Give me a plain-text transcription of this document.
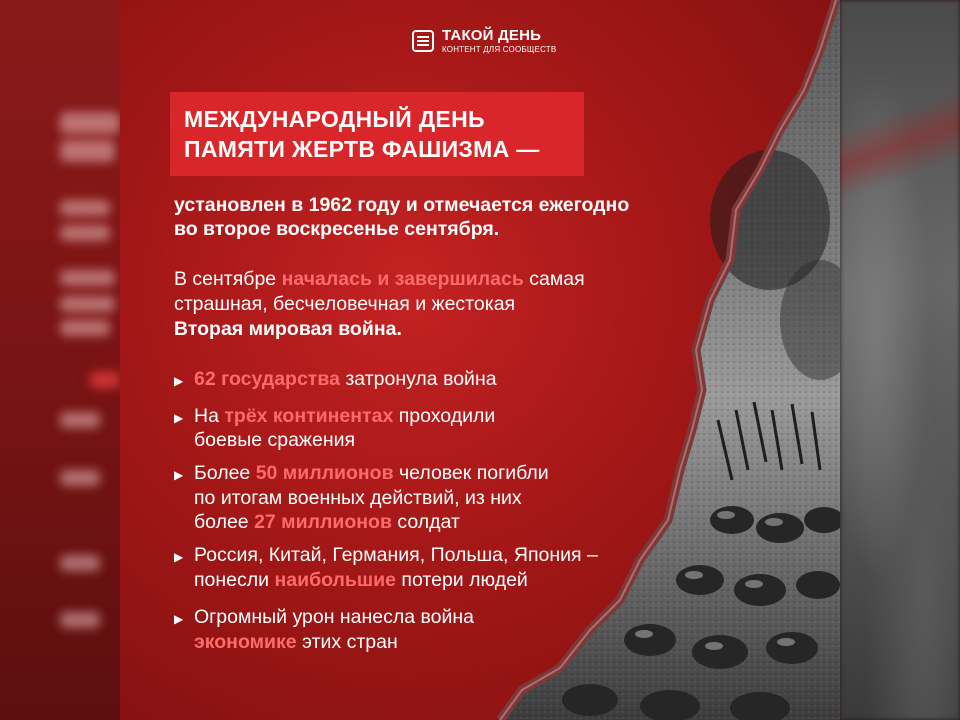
ТАКОЙ ДЕНЬ
КОНТЕНТ ДЛЯ СООБЩЕСТВ
МЕЖДУНАРОДНЫЙ ДЕНЬ
ПАМЯТИ ЖЕРТВ ФАШИЗМА —
установлен в 1962 году и отмечается ежегодно
во второе воскресенье сентября.
В сентябре началась и завершилась самая
страшная, бесчеловечная и жестокая
Вторая мировая война.
▶ 62 государства затронула война
▶ На трёх континентах проходили
боевые сражения
▶ Более 50 миллионов человек погибли
по итогам военных действий, из них
более 27 миллионов солдат
▶ Россия, Китай, Германия, Польша, Япония –
понесли наибольшие потери людей
▶ Огромный урон нанесла война
экономике этих стран
